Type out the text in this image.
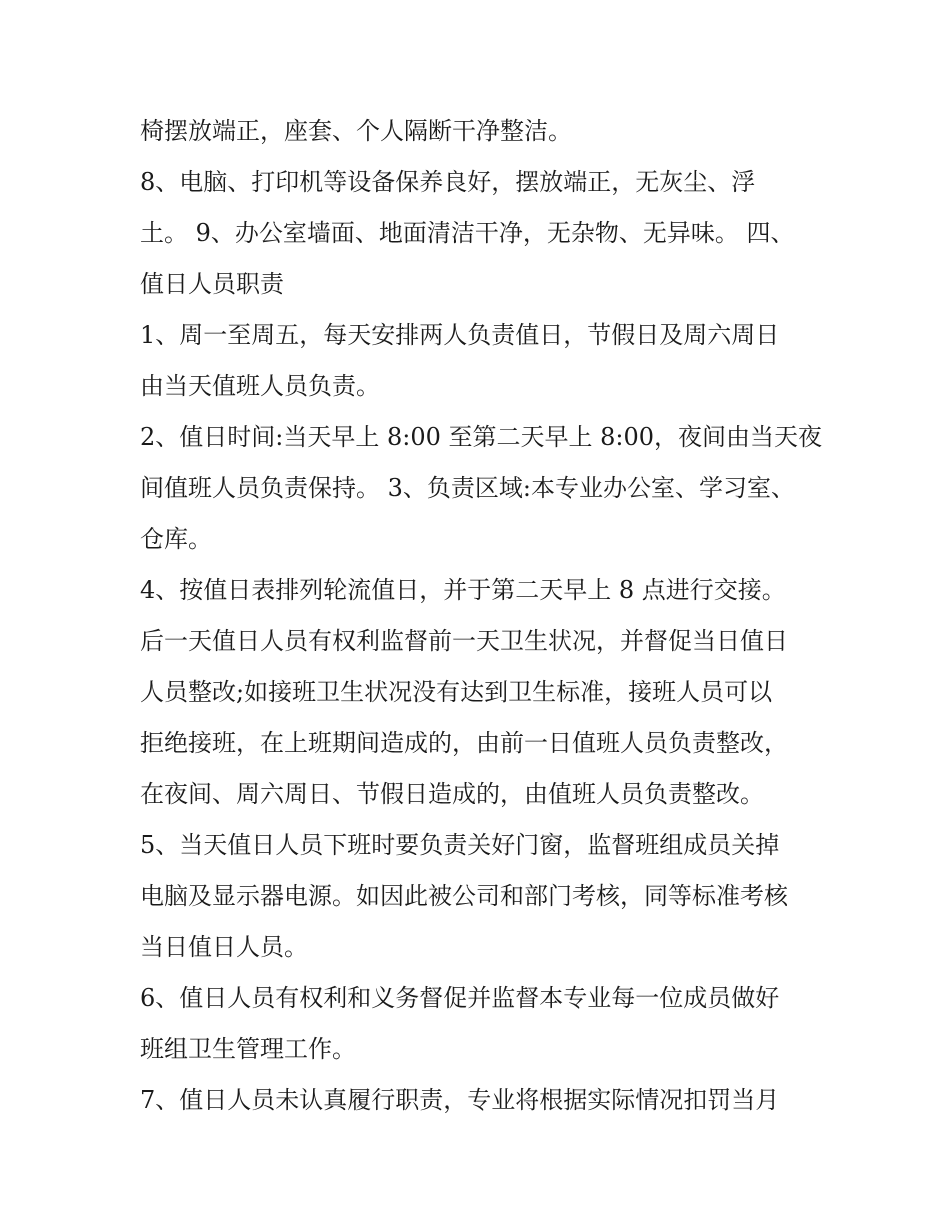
椅摆放端正，座套、个人隔断干净整洁。
8、电脑、打印机等设备保养良好，摆放端正，无灰尘、浮
土。 9、办公室墙面、地面清洁干净，无杂物、无异味。 四、
值日人员职责
1、周一至周五，每天安排两人负责值日，节假日及周六周日
由当天值班人员负责。
2、值日时间:当天早上 8:00 至第二天早上 8:00，夜间由当天夜
间值班人员负责保持。 3、负责区域:本专业办公室、学习室、
仓库。
4、按值日表排列轮流值日，并于第二天早上 8 点进行交接。
后一天值日人员有权利监督前一天卫生状况，并督促当日值日
人员整改;如接班卫生状况没有达到卫生标准，接班人员可以
拒绝接班，在上班期间造成的，由前一日值班人员负责整改，
在夜间、周六周日、节假日造成的，由值班人员负责整改。
5、当天值日人员下班时要负责关好门窗，监督班组成员关掉
电脑及显示器电源。如因此被公司和部门考核，同等标准考核
当日值日人员。
6、值日人员有权利和义务督促并监督本专业每一位成员做好
班组卫生管理工作。
7、值日人员未认真履行职责，专业将根据实际情况扣罚当月
